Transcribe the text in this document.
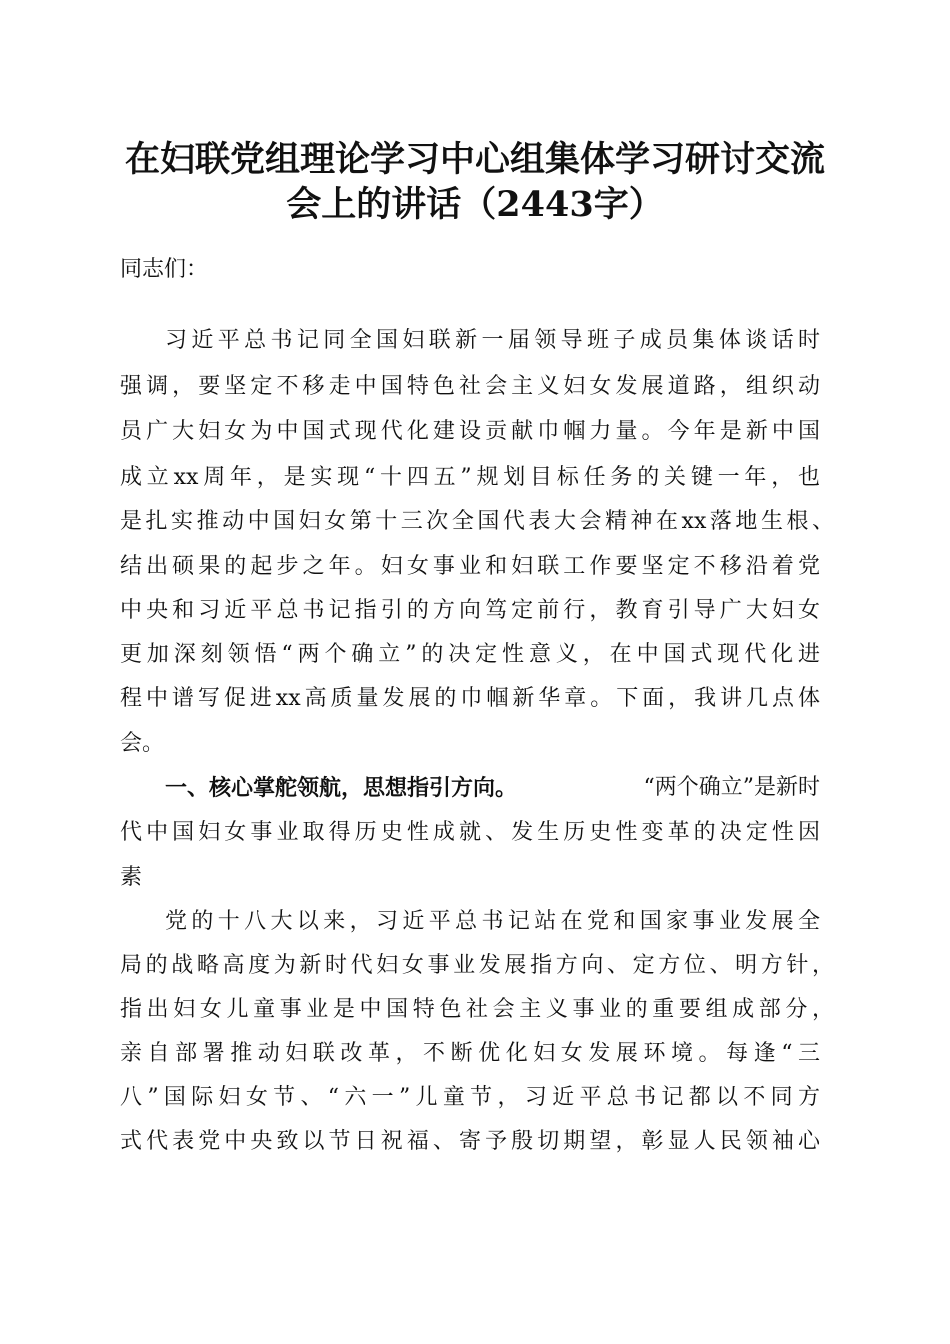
在妇联党组理论学习中心组集体学习研讨交流
会上的讲话（2443字）
同志们：
习近平总书记同全国妇联新一届领导班子成员集体谈话时
强调，要坚定不移走中国特色社会主义妇女发展道路，组织动
员广大妇女为中国式现代化建设贡献巾帼力量。今年是新中国
成立xx周年，是实现“十四五”规划目标任务的关键一年，也
是扎实推动中国妇女第十三次全国代表大会精神在xx落地生根、
结出硕果的起步之年。妇女事业和妇联工作要坚定不移沿着党
中央和习近平总书记指引的方向笃定前行，教育引导广大妇女
更加深刻领悟“两个确立”的决定性意义，在中国式现代化进
程中谱写促进xx高质量发展的巾帼新华章。下面，我讲几点体
会。
一、核心掌舵领航，思想指引方向。	“两个确立”是新时
代中国妇女事业取得历史性成就、发生历史性变革的决定性因
素
党的十八大以来，习近平总书记站在党和国家事业发展全
局的战略高度为新时代妇女事业发展指方向、定方位、明方针，
指出妇女儿童事业是中国特色社会主义事业的重要组成部分，
亲自部署推动妇联改革，不断优化妇女发展环境。每逢“三
八”国际妇女节、“六一”儿童节，习近平总书记都以不同方
式代表党中央致以节日祝福、寄予殷切期望，彰显人民领袖心
